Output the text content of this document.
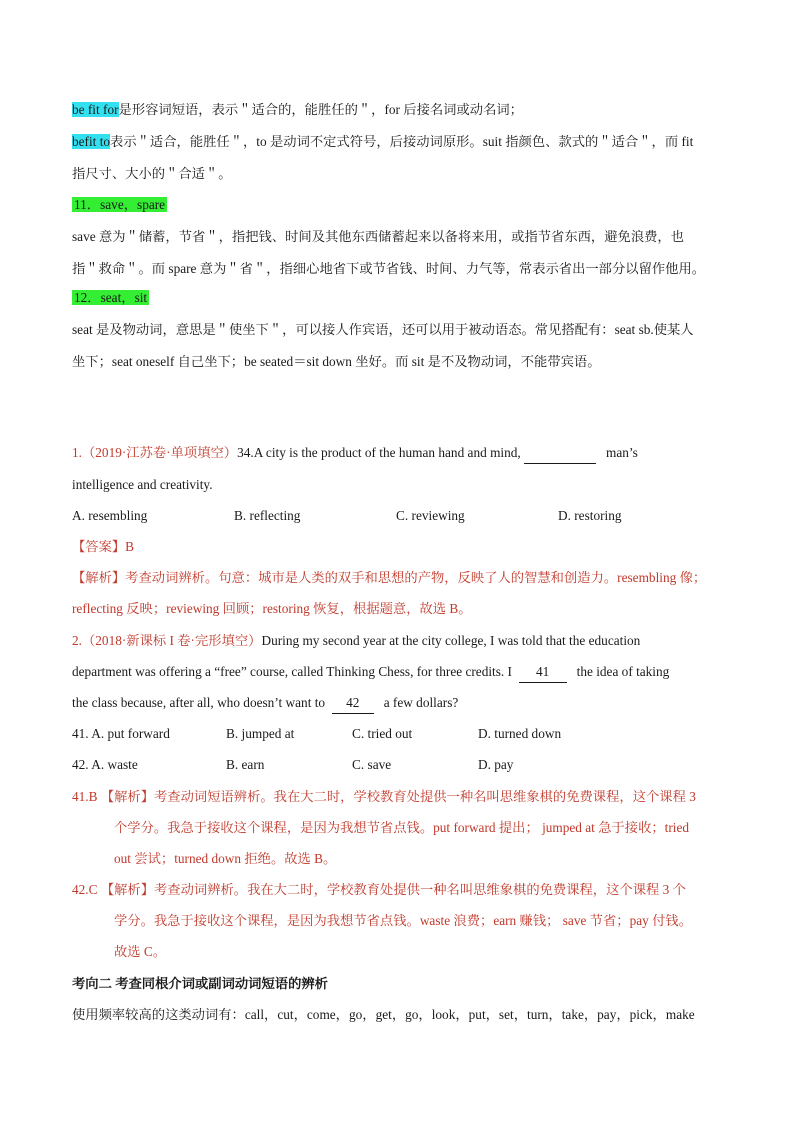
be fit for是形容词短语，表示＂适合的，能胜任的＂，for 后接名词或动名词；
befit to表示＂适合，能胜任＂，to 是动词不定式符号，后接动词原形。suit 指颜色、款式的＂适合＂，而 fit
指尺寸、大小的＂合适＂。
11．save，spare
save 意为＂储蓄，节省＂，指把钱、时间及其他东西储蓄起来以备将来用，或指节省东西，避免浪费，也
指＂救命＂。而 spare 意为＂省＂，指细心地省下或节省钱、时间、力气等，常表示省出一部分以留作他用。
12．seat，sit
seat 是及物动词，意思是＂使坐下＂，可以接人作宾语，还可以用于被动语态。常见搭配有：seat sb.使某人
坐下；seat oneself 自己坐下；be seated＝sit down 坐好。而 sit 是不及物动词，不能带宾语。
1.（2019·江苏卷·单项填空）34.A city is the product of the human hand and mind,	man’s
intelligence and creativity.
A. resembling	B. reflecting	C. reviewing	D. restoring
【答案】B
【解析】考查动词辨析。句意：城市是人类的双手和思想的产物，反映了人的智慧和创造力。resembling 像；
reflecting 反映；reviewing 回顾；restoring 恢复，根据题意，故选 B。
2.（2018·新课标 I 卷·完形填空）During my second year at the city college, I was told that the education
department was offering a “free” course, called Thinking Chess, for three credits. I 41 the idea of taking
the class because, after all, who doesn’t want to 42 a few dollars?
41. A. put forward	B. jumped at	C. tried out	D. turned down
42. A. waste	B. earn	C. save	D. pay
41.B 【解析】考查动词短语辨析。我在大二时，学校教育处提供一种名叫思维象棋的免费课程，这个课程 3
个学分。我急于接收这个课程，是因为我想节省点钱。put forward 提出； jumped at 急于接收；tried
out 尝试；turned down 拒绝。故选 B。
42.C 【解析】考查动词辨析。我在大二时，学校教育处提供一种名叫思维象棋的免费课程，这个课程 3 个
学分。我急于接收这个课程，是因为我想节省点钱。waste 浪费；earn 赚钱； save 节省；pay 付钱。
故选 C。
考向二 考查同根介词或副词动词短语的辨析
使用频率较高的这类动词有：call，cut，come，go，get，go，look，put，set，turn，take，pay，pick，make
